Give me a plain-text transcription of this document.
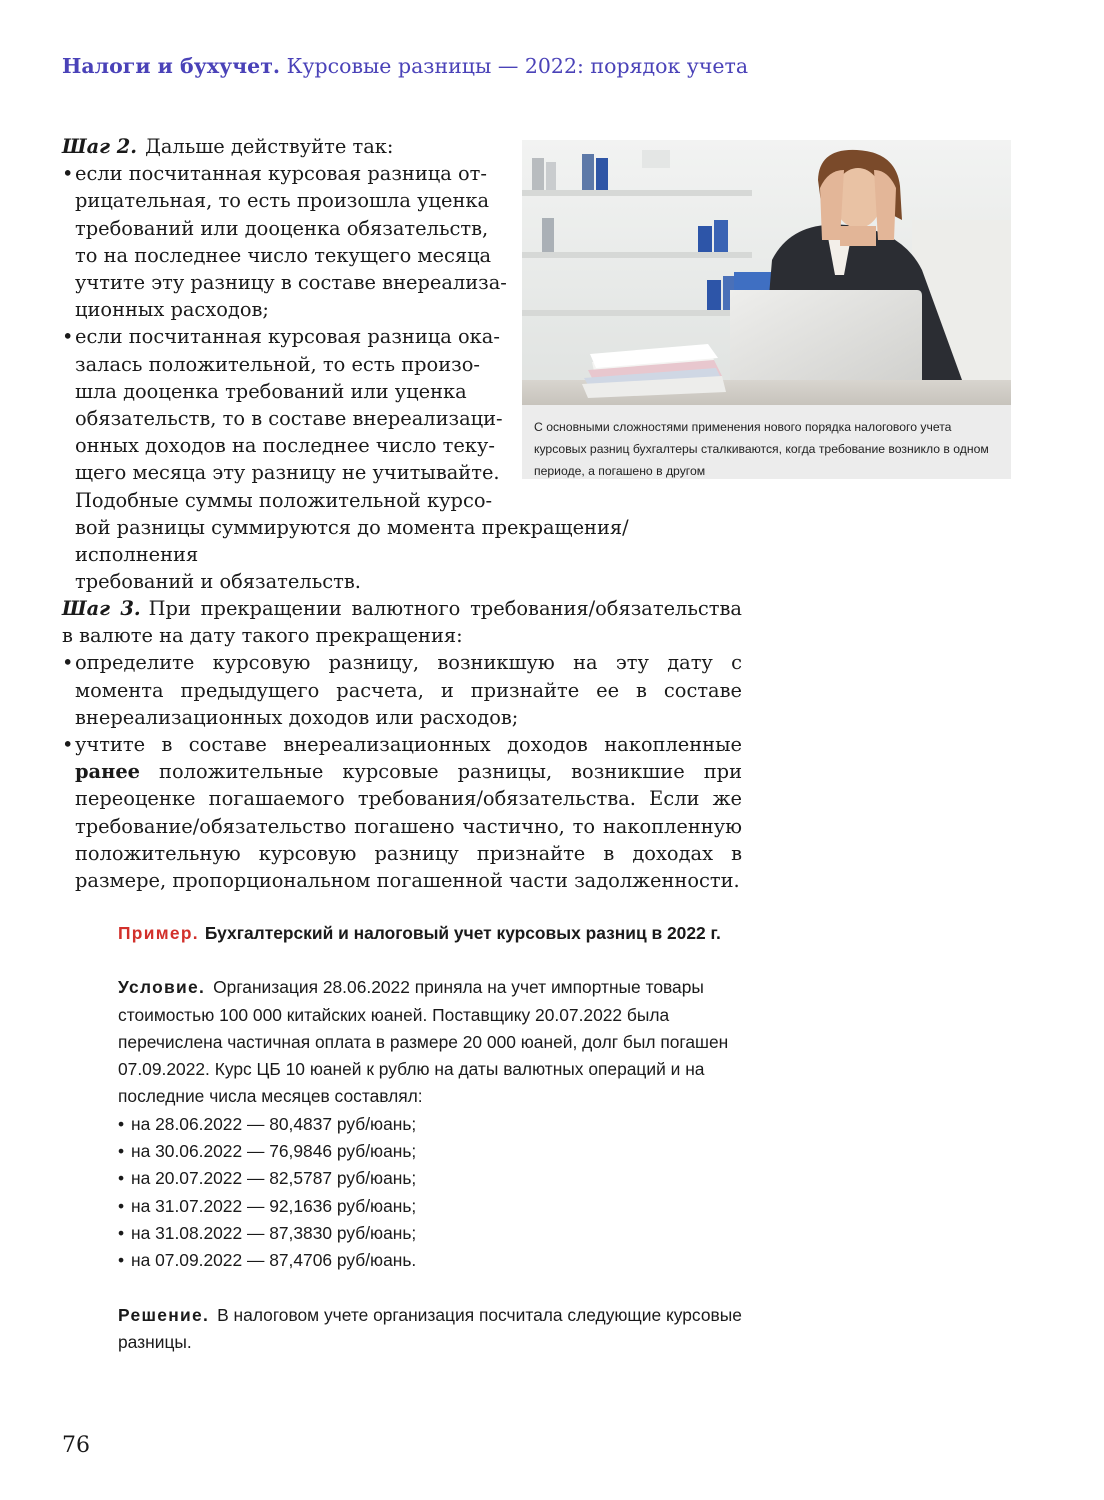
Налоги и бухучет. Курсовые разницы — 2022: порядок учета

Шаг 2. Дальше действуйте так:

• если посчитанная курсовая разница от-
рицательная, то есть произошла уценка
требований или дооценка обязательств,
то на последнее число текущего месяца
учтите эту разницу в составе внереализа-
ционных расходов;
• если посчитанная курсовая разница ока-
залась положительной, то есть произо-
шла дооценка требований или уценка
обязательств, то в составе внереализаци-
онных доходов на последнее число теку-
щего месяца эту разницу не учитывайте.
Подобные суммы положительной курсо-
вой разницы суммируются до момента прекращения/исполнения
требований и обязательств.
С основными сложностями применения нового порядка налогового учета курсовых разниц бухгалтеры сталкиваются, когда требование возникло в одном периоде, а погашено в другом

Шаг 3. При прекращении валютного требования/обязательства в валюте на дату такого прекращения:

• определите курсовую разницу, возникшую на эту дату с момента предыдущего расчета, и признайте ее в составе внереализационных доходов или расходов;
• учтите в составе внереализационных доходов накопленные ранее положительные курсовые разницы, возникшие при переоценке погашаемого требования/обязательства. Если же требование/обязательство погашено частично, то накопленную положительную курсовую разницу признайте в доходах в размере, пропорциональном погашенной части задолженности.
Пример. Бухгалтерский и налоговый учет курсовых разниц в 2022 г.
Условие. Организация 28.06.2022 приняла на учет импортные товары стоимостью 100 000 китайских юаней. Поставщику 20.07.2022 была перечислена частичная оплата в размере 20 000 юаней, долг был погашен 07.09.2022. Курс ЦБ 10 юаней к рублю на даты валютных операций и на последние числа месяцев составлял:
• на 28.06.2022 — 80,4837 руб/юань;
• на 30.06.2022 — 76,9846 руб/юань;
• на 20.07.2022 — 82,5787 руб/юань;
• на 31.07.2022 — 92,1636 руб/юань;
• на 31.08.2022 — 87,3830 руб/юань;
• на 07.09.2022 — 87,4706 руб/юань.
Решение. В налоговом учете организация посчитала следующие курсовые разницы.
76
